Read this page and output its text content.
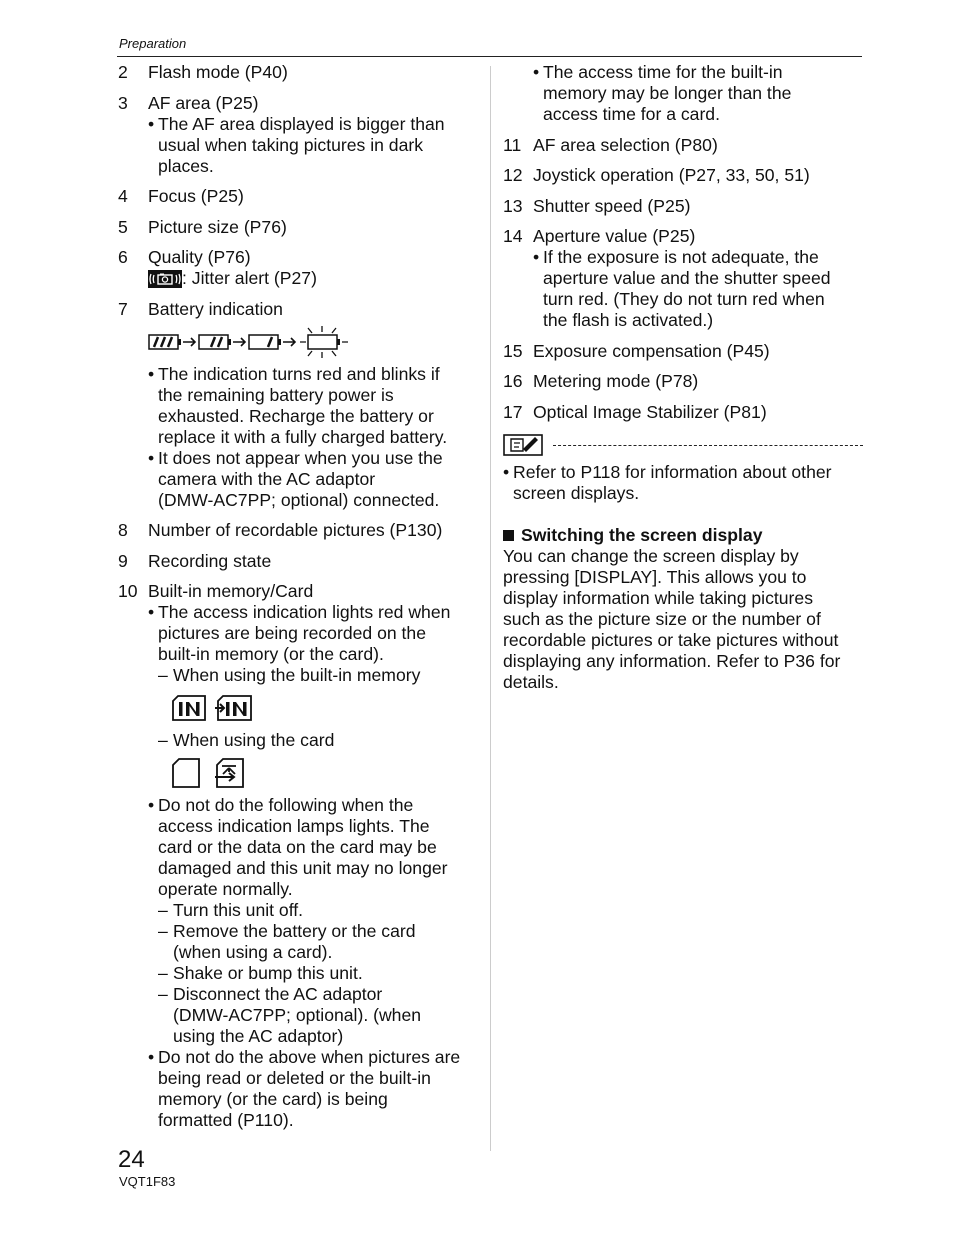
Preparation
2 Flash mode (P40)
3 AF area (P25)
• The AF area displayed is bigger than
usual when taking pictures in dark
places.
4 Focus (P25)
5 Picture size (P76)
6 Quality (P76)
: Jitter alert (P27)
7 Battery indication
• The indication turns red and blinks if
the remaining battery power is
exhausted. Recharge the battery or
replace it with a fully charged battery.
• It does not appear when you use the
camera with the AC adaptor
(DMW-AC7PP; optional) connected.
8 Number of recordable pictures (P130)
9 Recording state
10 Built-in memory/Card
• The access indication lights red when
pictures are being recorded on the
built-in memory (or the card).
– When using the built-in memory
– When using the card
• Do not do the following when the
access indication lamps lights. The
card or the data on the card may be
damaged and this unit may no longer
operate normally.
– Turn this unit off.
– Remove the battery or the card
(when using a card).
– Shake or bump this unit.
– Disconnect the AC adaptor
(DMW-AC7PP; optional). (when
using the AC adaptor)
• Do not do the above when pictures are
being read or deleted or the built-in
memory (or the card) is being
formatted (P110).
• The access time for the built-in
memory may be longer than the
access time for a card.
11 AF area selection (P80)
12 Joystick operation (P27, 33, 50, 51)
13 Shutter speed (P25)
14 Aperture value (P25)
• If the exposure is not adequate, the
aperture value and the shutter speed
turn red. (They do not turn red when
the flash is activated.)
15 Exposure compensation (P45)
16 Metering mode (P78)
17 Optical Image Stabilizer (P81)
• Refer to P118 for information about other
screen displays.
Switching the screen display
You can change the screen display by
pressing [DISPLAY]. This allows you to
display information while taking pictures
such as the picture size or the number of
recordable pictures or take pictures without
displaying any information. Refer to P36 for
details.
24
VQT1F83
